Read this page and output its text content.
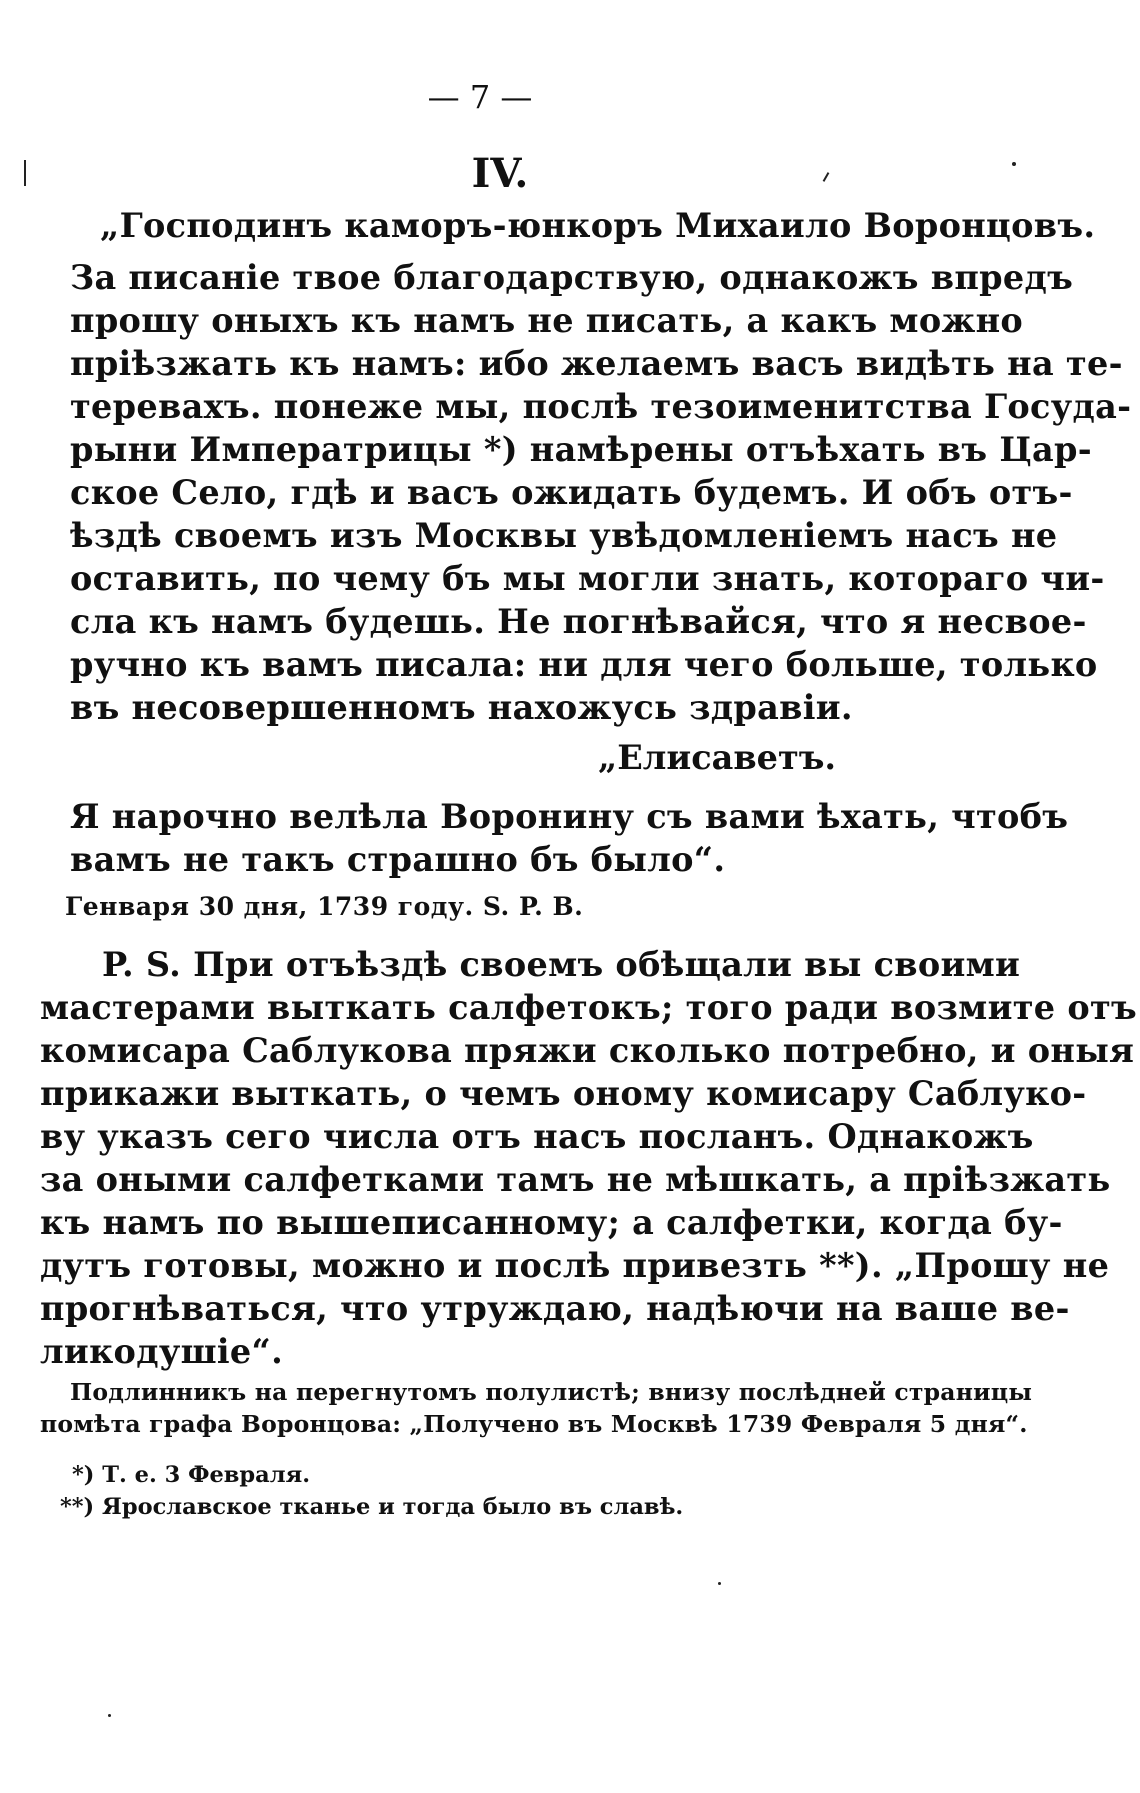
— 7 —
IV.
„Господинъ каморъ-юнкоръ Михаило Воронцовъ.
За писаніе твое благодарствую, однакожъ впредъ
прошу оныхъ къ намъ не писать, а какъ можно
пріѣзжать къ намъ: ибо желаемъ васъ видѣть на те-
теревахъ. понеже мы, послѣ тезоименитства Госуда-
рыни Императрицы *) намѣрены отъѣхать въ Цар-
ское Село, гдѣ и васъ ожидать будемъ. И объ отъ-
ѣздѣ своемъ изъ Москвы увѣдомленіемъ насъ не
оставить, по чему бъ мы могли знать, котораго чи-
сла къ намъ будешь. Не погнѣвайся, что я несвое-
ручно къ вамъ писала: ни для чего больше, только
въ несовершенномъ нахожусь здравіи.
„Елисаветъ.
Я нарочно велѣла Воронину съ вами ѣхать, чтобъ
вамъ не такъ страшно бъ было“.
Генваря 30 дня, 1739 году. S. P. B.
P. S. При отъѣздѣ своемъ обѣщали вы своими
мастерами выткать салфетокъ; того ради возмите отъ
комисара Саблукова пряжи сколько потребно, и оныя
прикажи выткать, о чемъ оному комисару Саблуко-
ву указъ сего числа отъ насъ посланъ. Однакожъ
за оными салфетками тамъ не мѣшкать, а пріѣзжать
къ намъ по вышеписанному; а салфетки, когда бу-
дутъ готовы, можно и послѣ привезть **). „Прошу не
прогнѣваться, что утруждаю, надѣючи на ваше ве-
ликодушіе“.
Подлинникъ на перегнутомъ полулистѣ; внизу послѣдней страницы
помѣта графа Воронцова: „Получено въ Москвѣ 1739 Февраля 5 дня“.
*) Т. е. 3 Февраля.
**) Ярославское тканье и тогда было въ славѣ.
